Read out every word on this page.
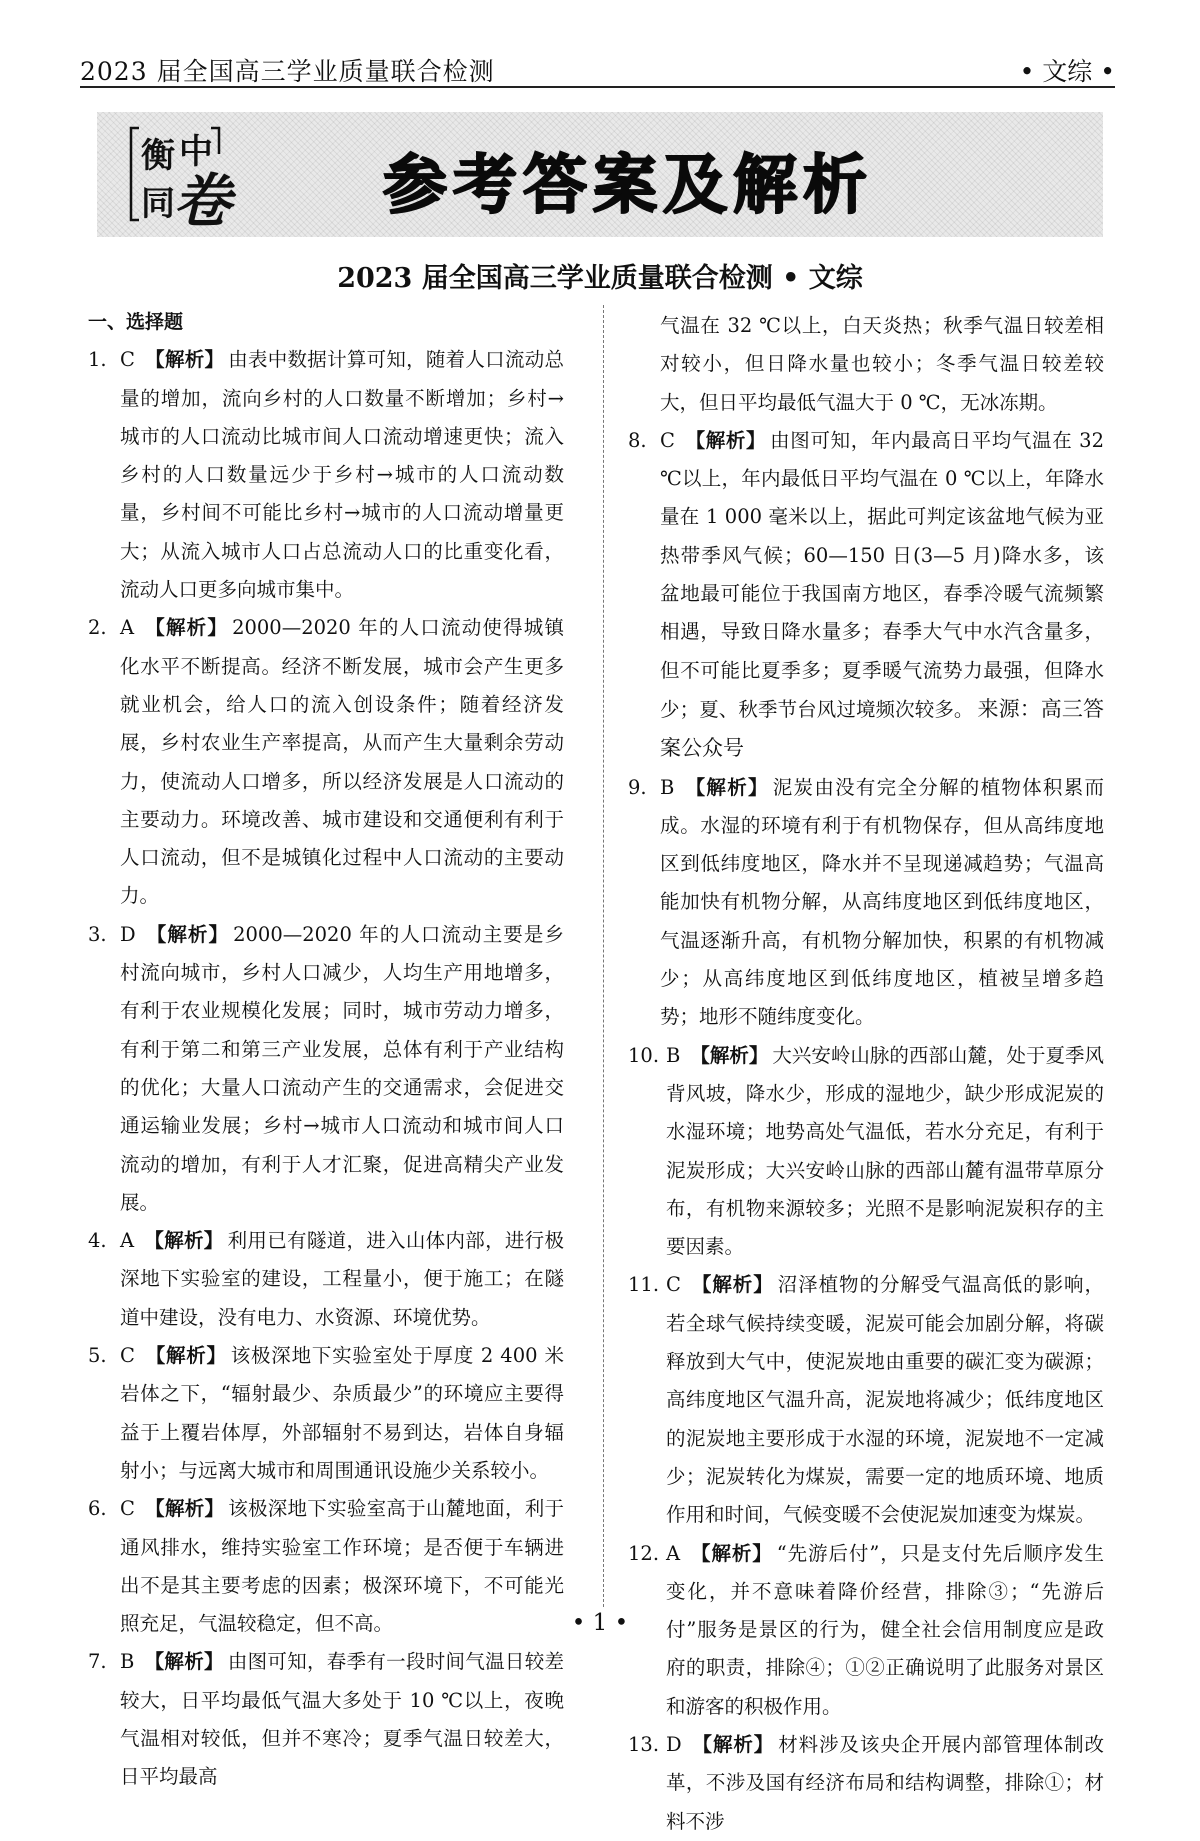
2023 届全国高三学业质量联合检测	• 文综 •
衡 中
同
卷 参考答案及解析
2023 届全国高三学业质量联合检测 • 文综
一、选择题
1. C 【解析】 由表中数据计算可知，随着人口流动总量的增加，流向乡村的人口数量不断增加；乡村→城市的人口流动比城市间人口流动增速更快；流入乡村的人口数量远少于乡村→城市的人口流动数量，乡村间不可能比乡村→城市的人口流动增量更大；从流入城市人口占总流动人口的比重变化看，流动人口更多向城市集中。
2. A 【解析】 2000—2020 年的人口流动使得城镇化水平不断提高。经济不断发展，城市会产生更多就业机会，给人口的流入创设条件；随着经济发展，乡村农业生产率提高，从而产生大量剩余劳动力，使流动人口增多，所以经济发展是人口流动的主要动力。环境改善、城市建设和交通便利有利于人口流动，但不是城镇化过程中人口流动的主要动力。
3. D 【解析】 2000—2020 年的人口流动主要是乡村流向城市，乡村人口减少，人均生产用地增多，有利于农业规模化发展；同时，城市劳动力增多，有利于第二和第三产业发展，总体有利于产业结构的优化；大量人口流动产生的交通需求，会促进交通运输业发展；乡村→城市人口流动和城市间人口流动的增加，有利于人才汇聚，促进高精尖产业发展。
4. A 【解析】 利用已有隧道，进入山体内部，进行极深地下实验室的建设，工程量小，便于施工；在隧道中建设，没有电力、水资源、环境优势。
5. C 【解析】 该极深地下实验室处于厚度 2 400 米岩体之下，“辐射最少、杂质最少”的环境应主要得益于上覆岩体厚，外部辐射不易到达，岩体自身辐射小；与远离大城市和周围通讯设施少关系较小。
6. C 【解析】 该极深地下实验室高于山麓地面，利于通风排水，维持实验室工作环境；是否便于车辆进出不是其主要考虑的因素；极深环境下，不可能光照充足，气温较稳定，但不高。
7. B 【解析】 由图可知，春季有一段时间气温日较差较大，日平均最低气温大多处于 10 ℃以上，夜晚气温相对较低，但并不寒冷；夏季气温日较差大，日平均最高
气温在 32 ℃以上，白天炎热；秋季气温日较差相对较小，但日降水量也较小；冬季气温日较差较大，但日平均最低气温大于 0 ℃，无冰冻期。
8. C 【解析】 由图可知，年内最高日平均气温在 32 ℃以上，年内最低日平均气温在 0 ℃以上，年降水量在 1 000 毫米以上，据此可判定该盆地气候为亚热带季风气候；60—150 日(3—5 月)降水多，该盆地最可能位于我国南方地区，春季冷暖气流频繁相遇，导致日降水量多；春季大气中水汽含量多，但不可能比夏季多；夏季暖气流势力最强，但降水少；夏、秋季节台风过境频次较多。 来源：高三答案公众号
9. B 【解析】 泥炭由没有完全分解的植物体积累而成。水湿的环境有利于有机物保存，但从高纬度地区到低纬度地区，降水并不呈现递减趋势；气温高能加快有机物分解，从高纬度地区到低纬度地区，气温逐渐升高，有机物分解加快，积累的有机物减少；从高纬度地区到低纬度地区，植被呈增多趋势；地形不随纬度变化。
10. B 【解析】 大兴安岭山脉的西部山麓，处于夏季风背风坡，降水少，形成的湿地少，缺少形成泥炭的水湿环境；地势高处气温低，若水分充足，有利于泥炭形成；大兴安岭山脉的西部山麓有温带草原分布，有机物来源较多；光照不是影响泥炭积存的主要因素。
11. C 【解析】 沼泽植物的分解受气温高低的影响，若全球气候持续变暖，泥炭可能会加剧分解，将碳释放到大气中，使泥炭地由重要的碳汇变为碳源；高纬度地区气温升高，泥炭地将减少；低纬度地区的泥炭地主要形成于水湿的环境，泥炭地不一定减少；泥炭转化为煤炭，需要一定的地质环境、地质作用和时间，气候变暖不会使泥炭加速变为煤炭。
12. A 【解析】 “先游后付”，只是支付先后顺序发生变化，并不意味着降价经营，排除③；“先游后付”服务是景区的行为，健全社会信用制度应是政府的职责，排除④；①②正确说明了此服务对景区和游客的积极作用。
13. D 【解析】 材料涉及该央企开展内部管理体制改革，不涉及国有经济布局和结构调整，排除①；材料不涉
• 1 •
